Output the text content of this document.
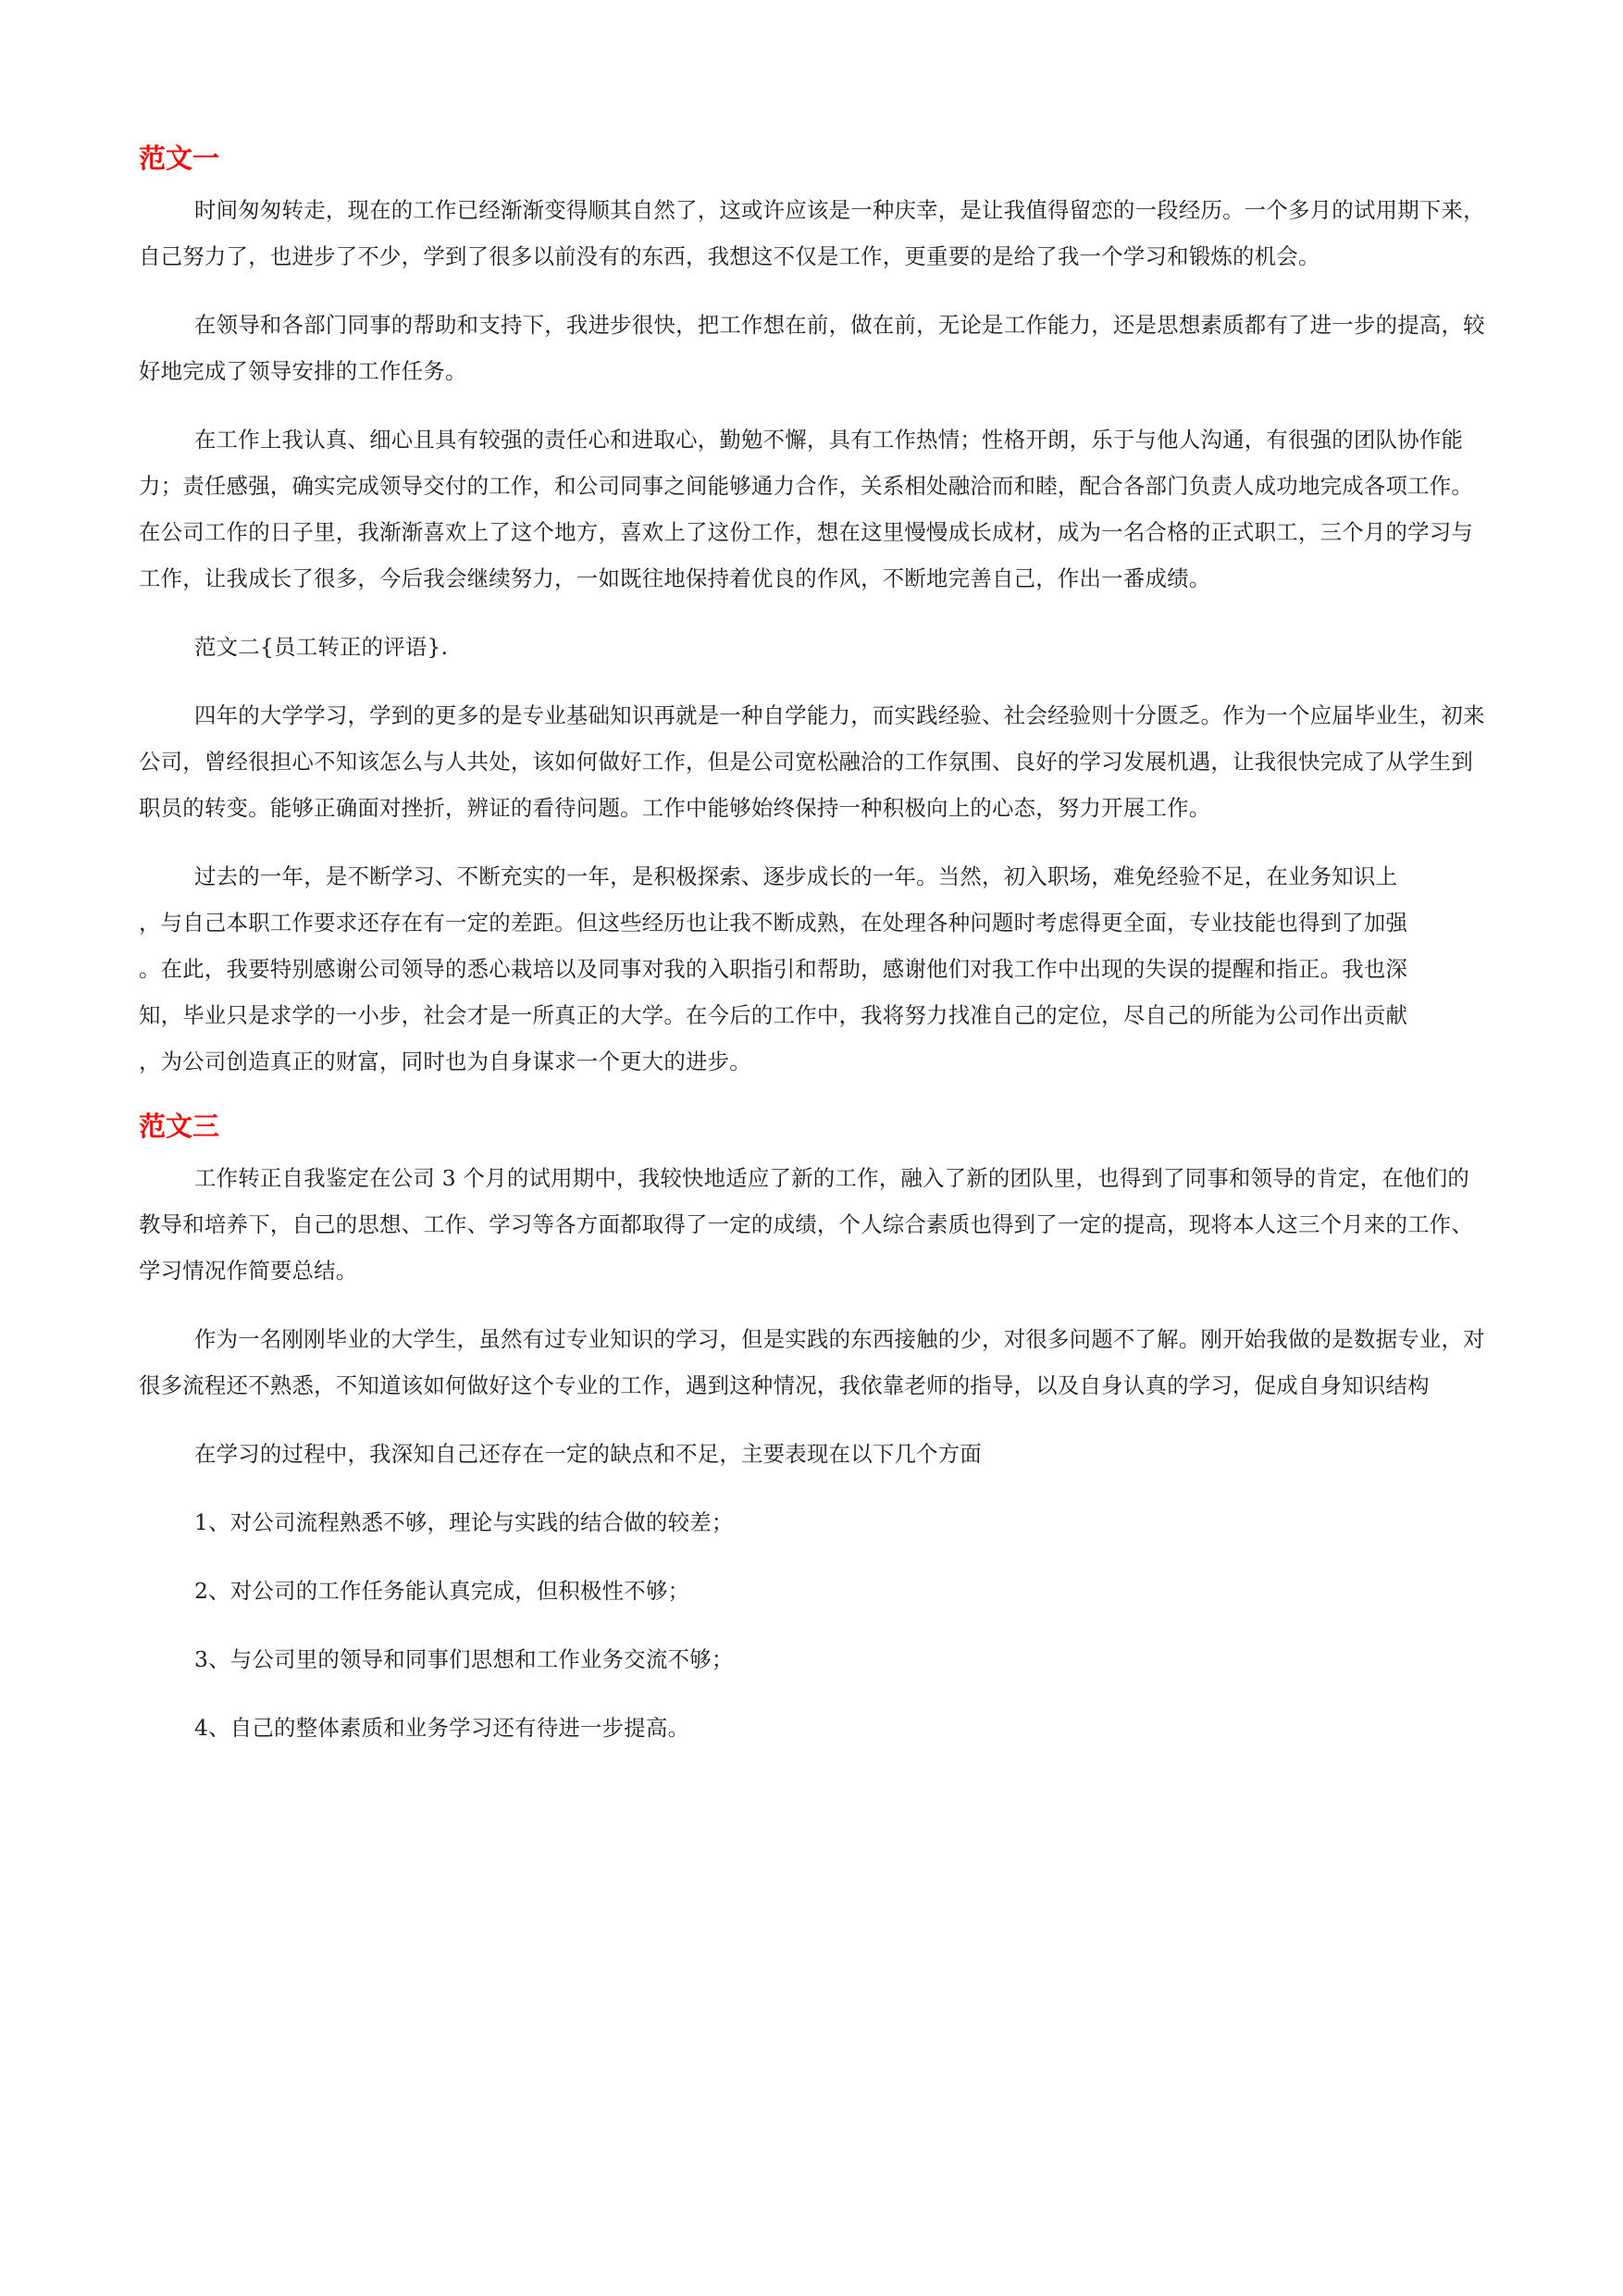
范文一

时间匆匆转走，现在的工作已经渐渐变得顺其自然了，这或许应该是一种庆幸，是让我值得留恋的一段经历。一个多月的试用期下来，自己努力了，也进步了不少，学到了很多以前没有的东西，我想这不仅是工作，更重要的是给了我一个学习和锻炼的机会。

在领导和各部门同事的帮助和支持下，我进步很快，把工作想在前，做在前，无论是工作能力，还是思想素质都有了进一步的提高，较好地完成了领导安排的工作任务。

在工作上我认真、细心且具有较强的责任心和进取心，勤勉不懈，具有工作热情；性格开朗，乐于与他人沟通，有很强的团队协作能力；责任感强，确实完成领导交付的工作，和公司同事之间能够通力合作，关系相处融洽而和睦，配合各部门负责人成功地完成各项工作。在公司工作的日子里，我渐渐喜欢上了这个地方，喜欢上了这份工作，想在这里慢慢成长成材，成为一名合格的正式职工，三个月的学习与工作，让我成长了很多，今后我会继续努力，一如既往地保持着优良的作风，不断地完善自己，作出一番成绩。

范文二{员工转正的评语}.

四年的大学学习，学到的更多的是专业基础知识再就是一种自学能力，而实践经验、社会经验则十分匮乏。作为一个应届毕业生，初来公司，曾经很担心不知该怎么与人共处，该如何做好工作，但是公司宽松融洽的工作氛围、良好的学习发展机遇，让我很快完成了从学生到职员的转变。能够正确面对挫折，辨证的看待问题。工作中能够始终保持一种积极向上的心态，努力开展工作。

过去的一年，是不断学习、不断充实的一年，是积极探索、逐步成长的一年。当然，初入职场，难免经验不足，在业务知识上
，与自己本职工作要求还存在有一定的差距。但这些经历也让我不断成熟，在处理各种问题时考虑得更全面，专业技能也得到了加强
。在此，我要特别感谢公司领导的悉心栽培以及同事对我的入职指引和帮助，感谢他们对我工作中出现的失误的提醒和指正。我也深
知，毕业只是求学的一小步，社会才是一所真正的大学。在今后的工作中，我将努力找准自己的定位，尽自己的所能为公司作出贡献
，为公司创造真正的财富，同时也为自身谋求一个更大的进步。

范文三

工作转正自我鉴定在公司 3 个月的试用期中，我较快地适应了新的工作，融入了新的团队里，也得到了同事和领导的肯定，在他们的教导和培养下，自己的思想、工作、学习等各方面都取得了一定的成绩，个人综合素质也得到了一定的提高，现将本人这三个月来的工作、学习情况作简要总结。

作为一名刚刚毕业的大学生，虽然有过专业知识的学习，但是实践的东西接触的少，对很多问题不了解。刚开始我做的是数据专业，对很多流程还不熟悉，不知道该如何做好这个专业的工作，遇到这种情况，我依靠老师的指导，以及自身认真的学习，促成自身知识结构

在学习的过程中，我深知自己还存在一定的缺点和不足，主要表现在以下几个方面

1、对公司流程熟悉不够，理论与实践的结合做的较差；

2、对公司的工作任务能认真完成，但积极性不够；

3、与公司里的领导和同事们思想和工作业务交流不够；

4、自己的整体素质和业务学习还有待进一步提高。
